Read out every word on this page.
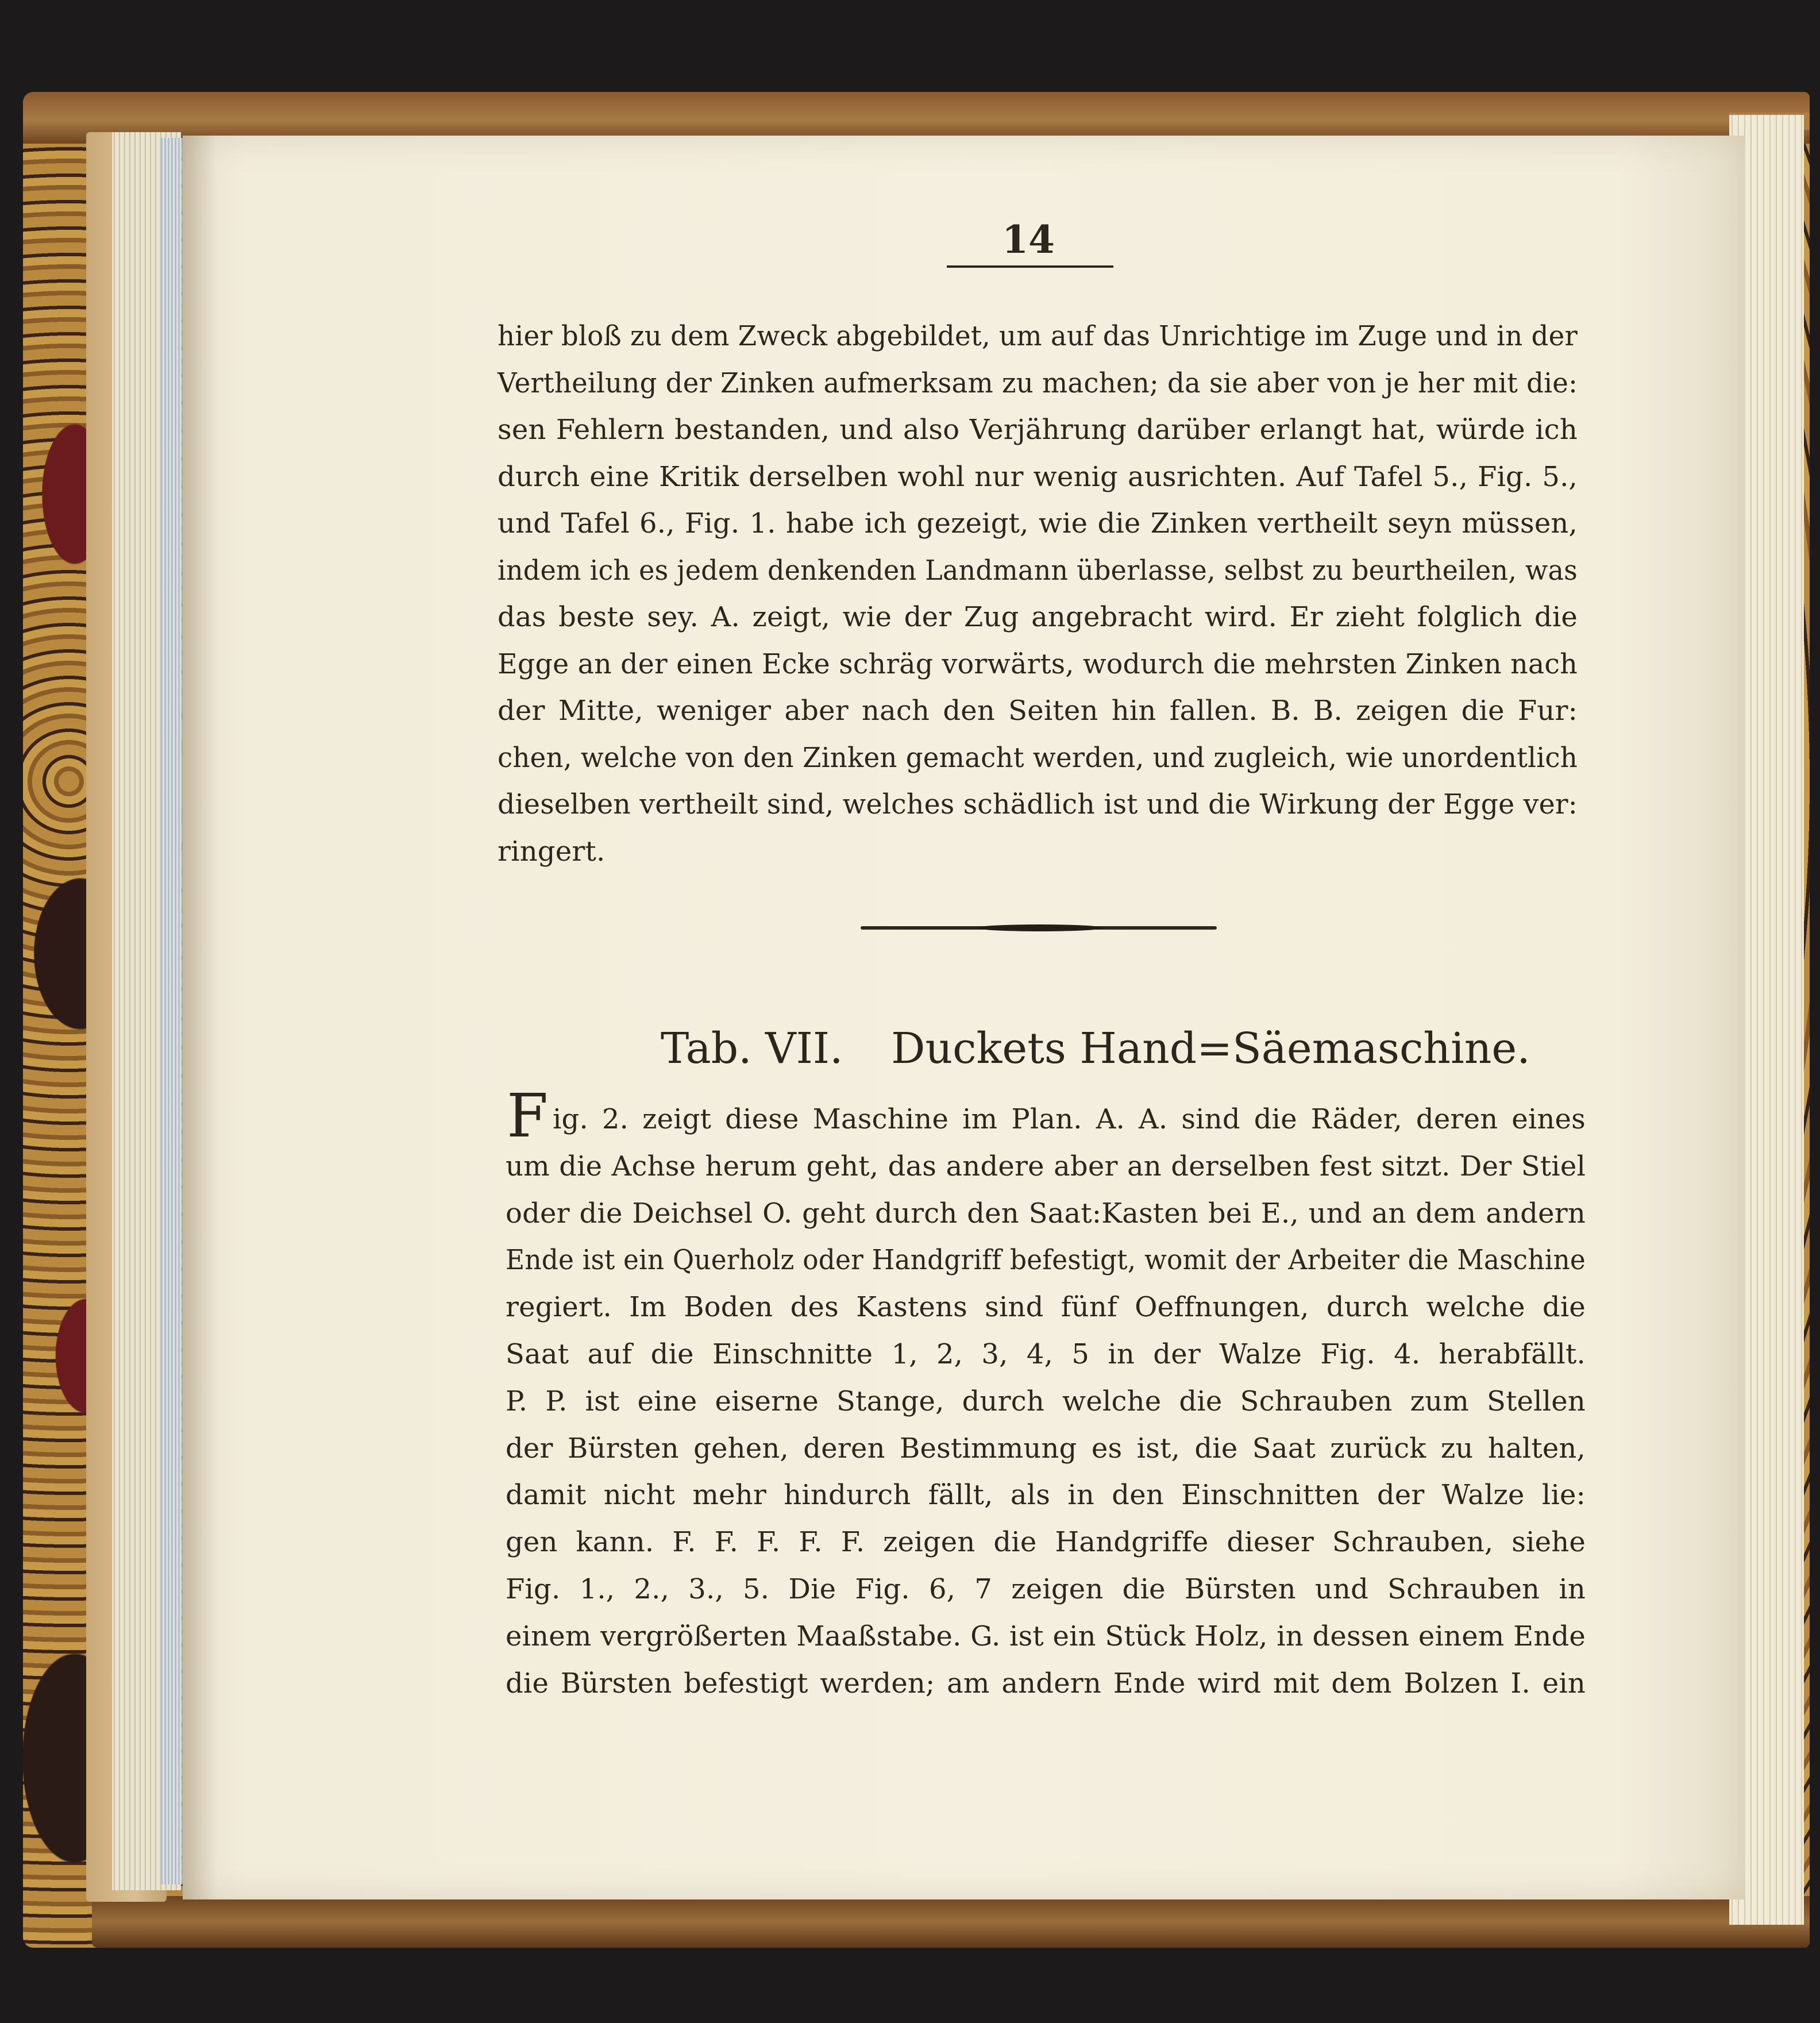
14
hier bloß zu dem Zweck abgebildet, um auf das Unrichtige im Zuge und in der
Vertheilung der Zinken aufmerksam zu machen; da sie aber von je her mit die:
sen Fehlern bestanden, und also Verjährung darüber erlangt hat, würde ich
durch eine Kritik derselben wohl nur wenig ausrichten. Auf Tafel 5., Fig. 5.,
und Tafel 6., Fig. 1. habe ich gezeigt, wie die Zinken vertheilt seyn müssen,
indem ich es jedem denkenden Landmann überlasse, selbst zu beurtheilen, was
das beste sey. A. zeigt, wie der Zug angebracht wird. Er zieht folglich die
Egge an der einen Ecke schräg vorwärts, wodurch die mehrsten Zinken nach
der Mitte, weniger aber nach den Seiten hin fallen. B. B. zeigen die Fur:
chen, welche von den Zinken gemacht werden, und zugleich, wie unordentlich
dieselben vertheilt sind, welches schädlich ist und die Wirkung der Egge ver:
ringert.
Tab. VII. Duckets Hand=Säemaschine.
F ig. 2. zeigt diese Maschine im Plan. A. A. sind die Räder, deren eines
um die Achse herum geht, das andere aber an derselben fest sitzt. Der Stiel
oder die Deichsel O. geht durch den Saat:Kasten bei E., und an dem andern
Ende ist ein Querholz oder Handgriff befestigt, womit der Arbeiter die Maschine
regiert. Im Boden des Kastens sind fünf Oeffnungen, durch welche die
Saat auf die Einschnitte 1, 2, 3, 4, 5 in der Walze Fig. 4. herabfällt.
P. P. ist eine eiserne Stange, durch welche die Schrauben zum Stellen
der Bürsten gehen, deren Bestimmung es ist, die Saat zurück zu halten,
damit nicht mehr hindurch fällt, als in den Einschnitten der Walze lie:
gen kann. F. F. F. F. F. zeigen die Handgriffe dieser Schrauben, siehe
Fig. 1., 2., 3., 5. Die Fig. 6, 7 zeigen die Bürsten und Schrauben in
einem vergrößerten Maaßstabe. G. ist ein Stück Holz, in dessen einem Ende
die Bürsten befestigt werden; am andern Ende wird mit dem Bolzen I. ein
